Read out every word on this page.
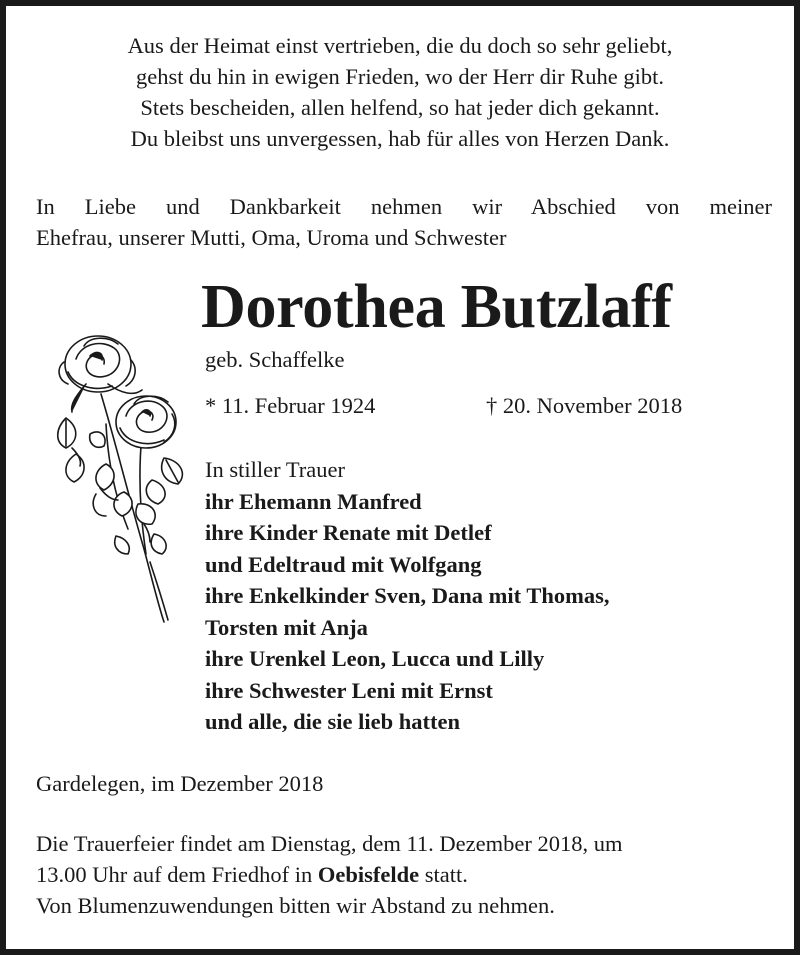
Aus der Heimat einst vertrieben, die du doch so sehr geliebt,
gehst du hin in ewigen Frieden, wo der Herr dir Ruhe gibt.
Stets bescheiden, allen helfend, so hat jeder dich gekannt.
Du bleibst uns unvergessen, hab für alles von Herzen Dank.
In Liebe und Dankbarkeit nehmen wir Abschied von meiner
Ehefrau, unserer Mutti, Oma, Uroma und Schwester
Dorothea Butzlaff
geb. Schaffelke
* 11. Februar 1924	† 20. November 2018
In stiller Trauer
ihr Ehemann Manfred
ihre Kinder Renate mit Detlef
und Edeltraud mit Wolfgang
ihre Enkelkinder Sven, Dana mit Thomas,
Torsten mit Anja
ihre Urenkel Leon, Lucca und Lilly
ihre Schwester Leni mit Ernst
und alle, die sie lieb hatten
Gardelegen, im Dezember 2018
Die Trauerfeier findet am Dienstag, dem 11. Dezember 2018, um
13.00 Uhr auf dem Friedhof in Oebisfelde statt.
Von Blumenzuwendungen bitten wir Abstand zu nehmen.
